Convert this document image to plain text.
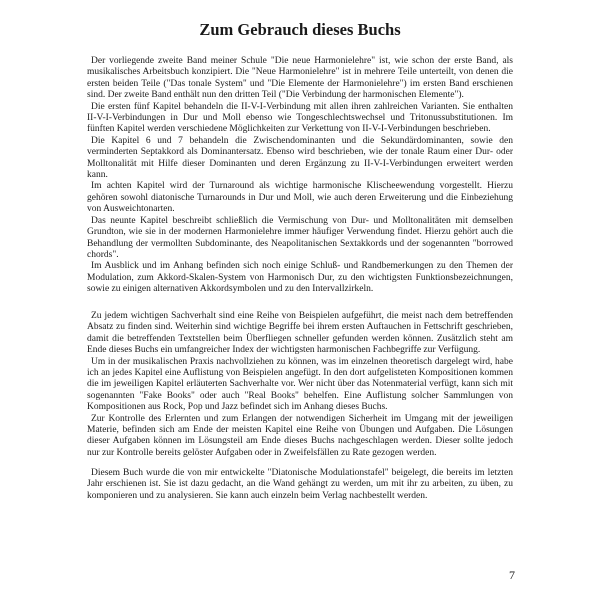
Zum Gebrauch dieses Buchs

Der vorliegende zweite Band meiner Schule "Die neue Harmonielehre" ist, wie schon der erste Band, als musikalisches Arbeitsbuch konzipiert. Die "Neue Harmonielehre" ist in mehrere Teile unterteilt, von denen die ersten beiden Teile ("Das tonale System" und "Die Elemente der Harmonielehre") im ersten Band erschienen sind. Der zweite Band enthält nun den dritten Teil ("Die Verbindung der harmonischen Elemente").

Die ersten fünf Kapitel behandeln die II-V-I-Verbindung mit allen ihren zahlreichen Varianten. Sie enthalten II-V-I-Verbindungen in Dur und Moll ebenso wie Tongeschlechtswechsel und Tritonussubstitutionen. Im fünften Kapitel werden verschiedene Möglichkeiten zur Verkettung von II-V-I-Verbindungen beschrieben.

Die Kapitel 6 und 7 behandeln die Zwischendominanten und die Sekundärdominanten, sowie den verminderten Septakkord als Dominantersatz. Ebenso wird beschrieben, wie der tonale Raum einer Dur- oder Molltonalität mit Hilfe dieser Dominanten und deren Ergänzung zu II-V-I-Verbindungen erweitert werden kann.

Im achten Kapitel wird der Turnaround als wichtige harmonische Klischeewendung vorgestellt. Hierzu gehören sowohl diatonische Turnarounds in Dur und Moll, wie auch deren Erweiterung und die Einbeziehung von Ausweichtonarten.

Das neunte Kapitel beschreibt schließlich die Vermischung von Dur- und Molltonalitäten mit demselben Grundton, wie sie in der modernen Harmonielehre immer häufiger Verwendung findet. Hierzu gehört auch die Behandlung der vermollten Subdominante, des Neapolitanischen Sextakkords und der sogenannten "borrowed chords".

Im Ausblick und im Anhang befinden sich noch einige Schluß- und Randbemerkungen zu den Themen der Modulation, zum Akkord-Skalen-System von Harmonisch Dur, zu den wichtigsten Funktionsbezeichnungen, sowie zu einigen alternativen Akkordsymbolen und zu den Intervallzirkeln.

Zu jedem wichtigen Sachverhalt sind eine Reihe von Beispielen aufgeführt, die meist nach dem betreffenden Absatz zu finden sind. Weiterhin sind wichtige Begriffe bei ihrem ersten Auftauchen in Fettschrift geschrieben, damit die betreffenden Textstellen beim Überfliegen schneller gefunden werden können. Zusätzlich steht am Ende dieses Buchs ein umfangreicher Index der wichtigsten harmonischen Fachbegriffe zur Verfügung.

Um in der musikalischen Praxis nachvollziehen zu können, was im einzelnen theoretisch dargelegt wird, habe ich an jedes Kapitel eine Auflistung von Beispielen angefügt. In den dort aufgelisteten Kompositionen kommen die im jeweiligen Kapitel erläuterten Sachverhalte vor. Wer nicht über das Notenmaterial verfügt, kann sich mit sogenannten "Fake Books" oder auch "Real Books" behelfen. Eine Auflistung solcher Sammlungen von Kompositionen aus Rock, Pop und Jazz befindet sich im Anhang dieses Buchs.

Zur Kontrolle des Erlernten und zum Erlangen der notwendigen Sicherheit im Umgang mit der jeweiligen Materie, befinden sich am Ende der meisten Kapitel eine Reihe von Übungen und Aufgaben. Die Lösungen dieser Aufgaben können im Lösungsteil am Ende dieses Buchs nachgeschlagen werden. Dieser sollte jedoch nur zur Kontrolle bereits gelöster Aufgaben oder in Zweifelsfällen zu Rate gezogen werden.

Diesem Buch wurde die von mir entwickelte "Diatonische Modulationstafel" beigelegt, die bereits im letzten Jahr erschienen ist. Sie ist dazu gedacht, an die Wand gehängt zu werden, um mit ihr zu arbeiten, zu üben, zu komponieren und zu analysieren. Sie kann auch einzeln beim Verlag nachbestellt werden.

7
